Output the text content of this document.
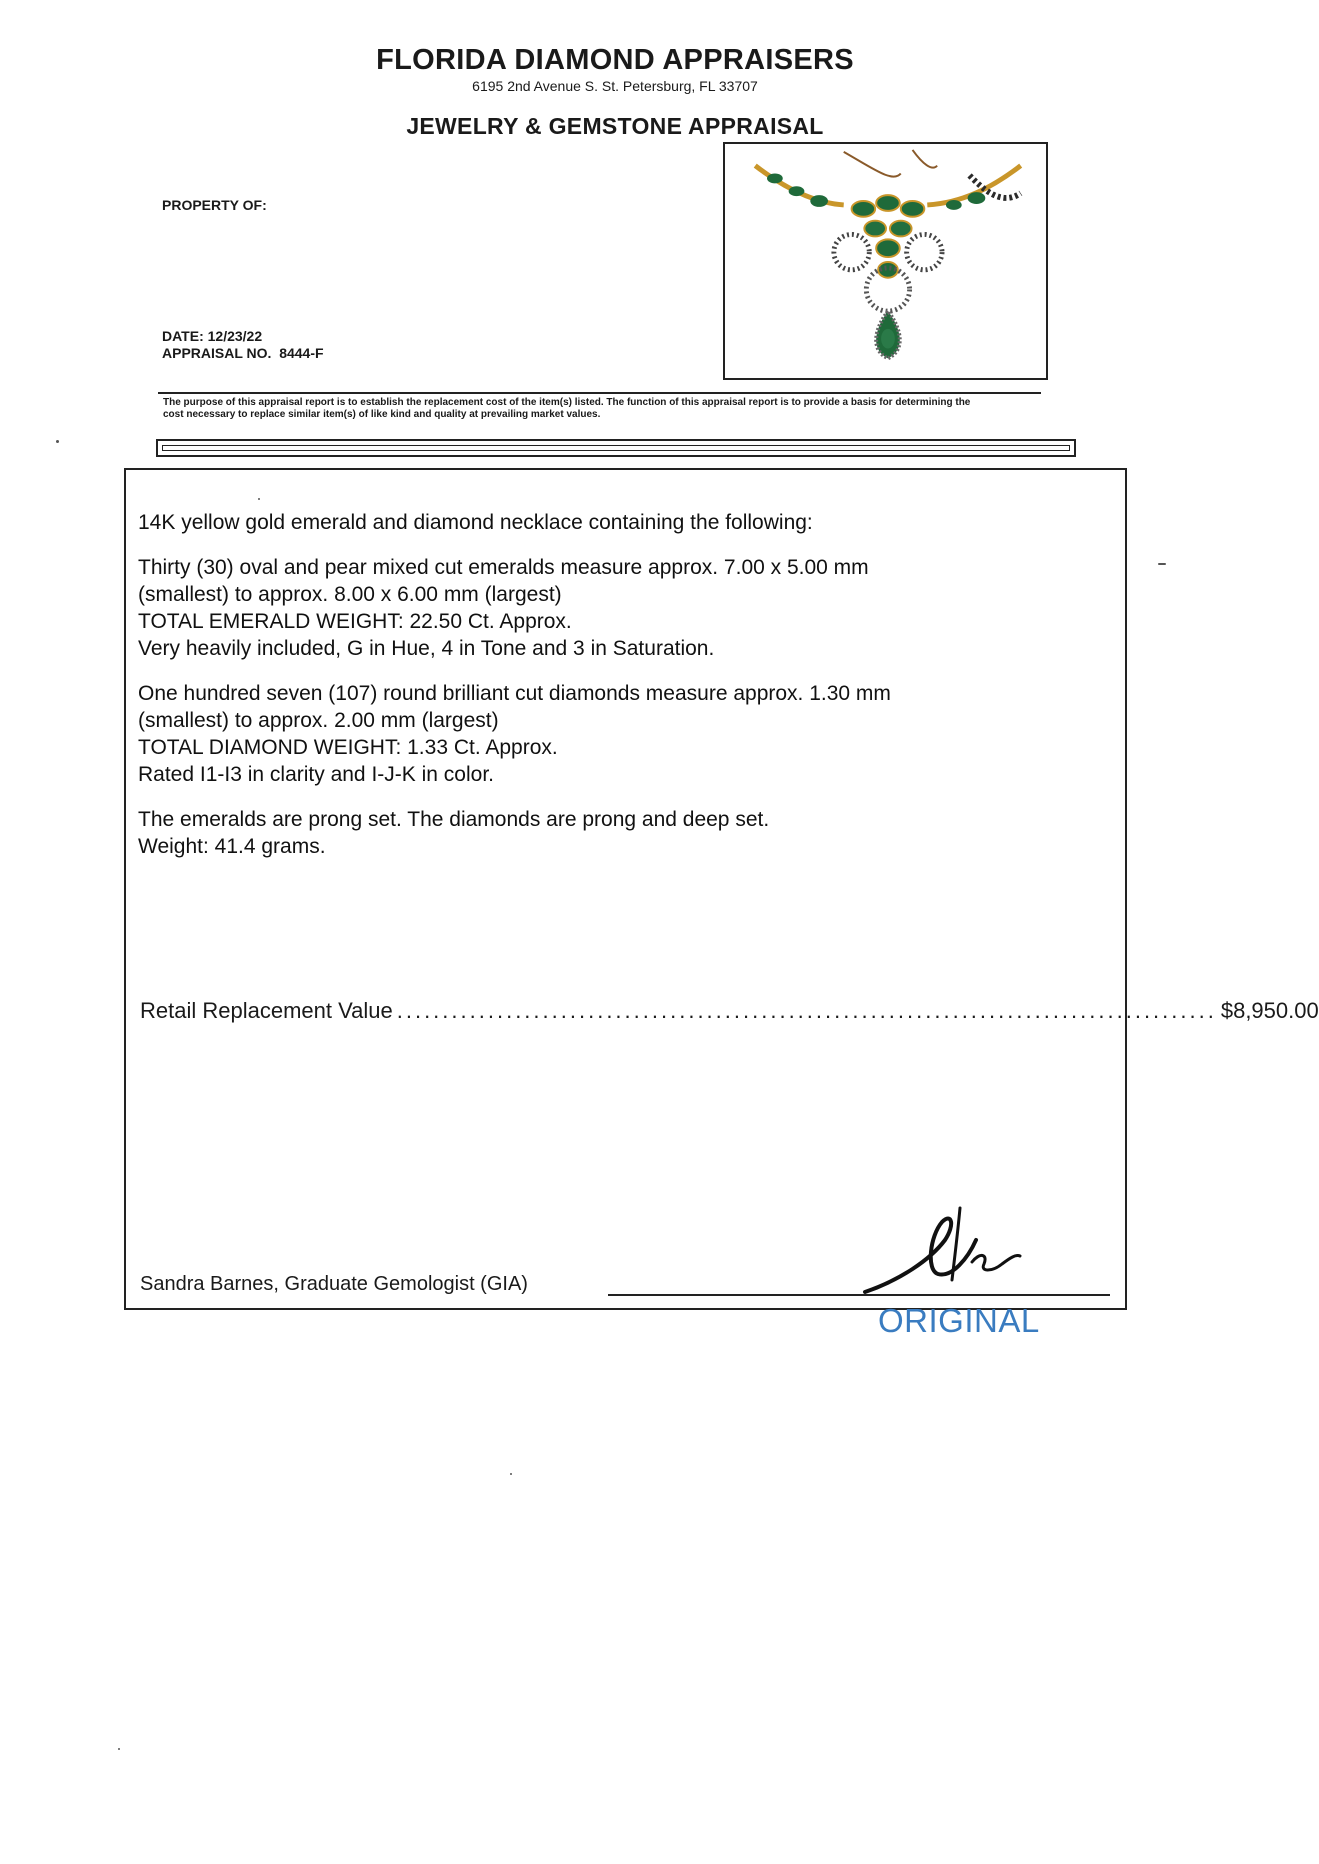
FLORIDA DIAMOND APPRAISERS
6195 2nd Avenue S. St. Petersburg, FL 33707
JEWELRY & GEMSTONE APPRAISAL
PROPERTY OF:
DATE: 12/23/22
APPRAISAL NO.  8444-F
The purpose of this appraisal report is to establish the replacement cost of the item(s) listed. The function of this appraisal report is to provide a basis for determining the
cost necessary to replace similar item(s) of like kind and quality at prevailing market values.
14K yellow gold emerald and diamond necklace containing the following:
Thirty (30) oval and pear mixed cut emeralds measure approx. 7.00 x 5.00 mm
(smallest) to approx. 8.00 x 6.00 mm (largest)
TOTAL EMERALD WEIGHT: 22.50 Ct. Approx.
Very heavily included, G in Hue, 4 in Tone and 3 in Saturation.
One hundred seven (107) round brilliant cut diamonds measure approx. 1.30 mm
(smallest) to approx. 2.00 mm (largest)
TOTAL DIAMOND WEIGHT: 1.33 Ct. Approx.
Rated I1-I3 in clarity and I-J-K in color.
The emeralds are prong set. The diamonds are prong and deep set.
Weight: 41.4 grams.
Retail Replacement Value .......................................................................................... $8,950.00
Sandra Barnes, Graduate Gemologist (GIA)
ORIGINAL
